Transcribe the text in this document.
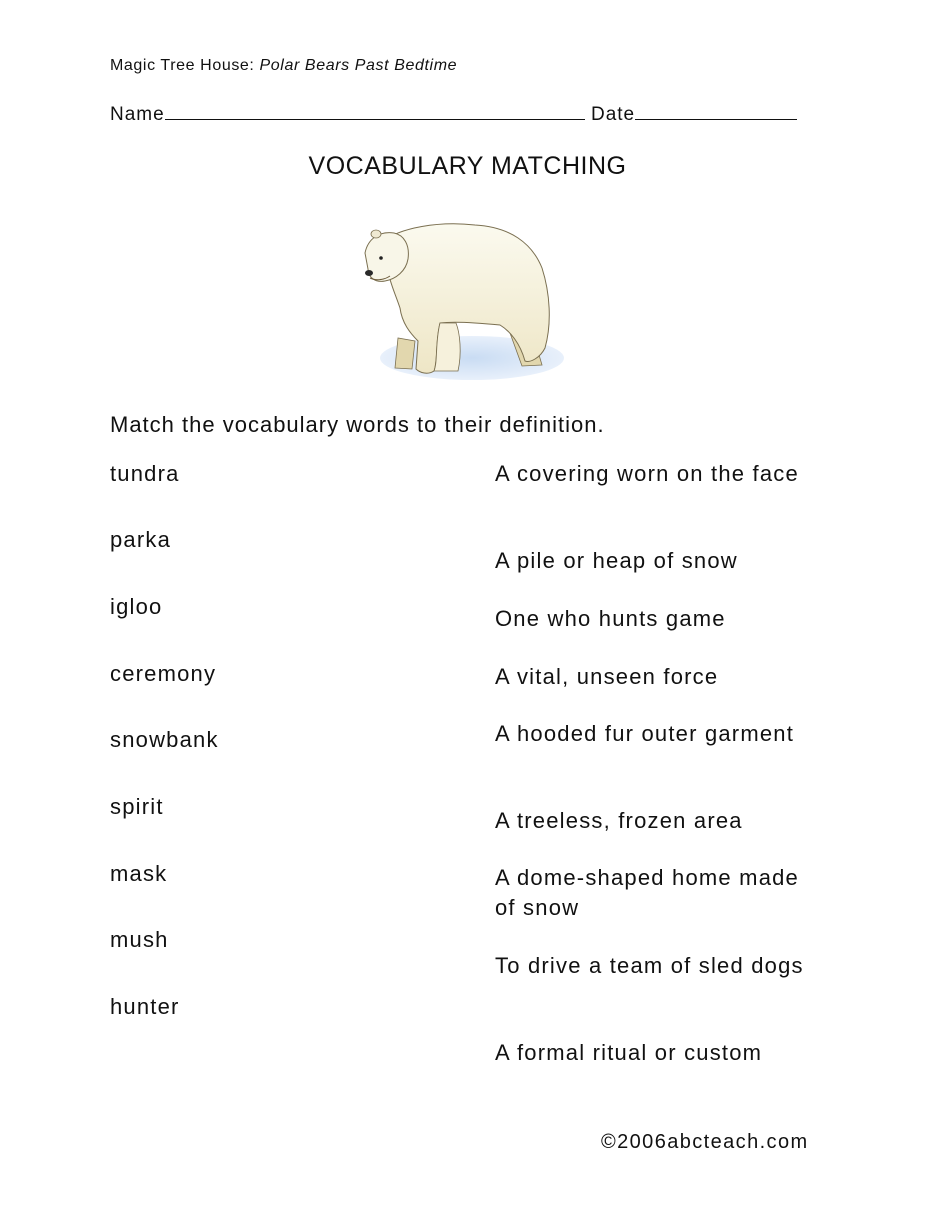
Magic Tree House: Polar Bears Past Bedtime
Name	Date
VOCABULARY MATCHING
Match the vocabulary words to their definition.
tundra
parka
igloo
ceremony
snowbank
spirit
mask
mush
hunter
A covering worn on the face
A pile or heap of snow
One who hunts game
A vital, unseen force
A hooded fur outer garment
A treeless, frozen area
A dome-shaped home made of snow
To drive a team of sled dogs
A formal ritual or custom
©2006abcteach.com
